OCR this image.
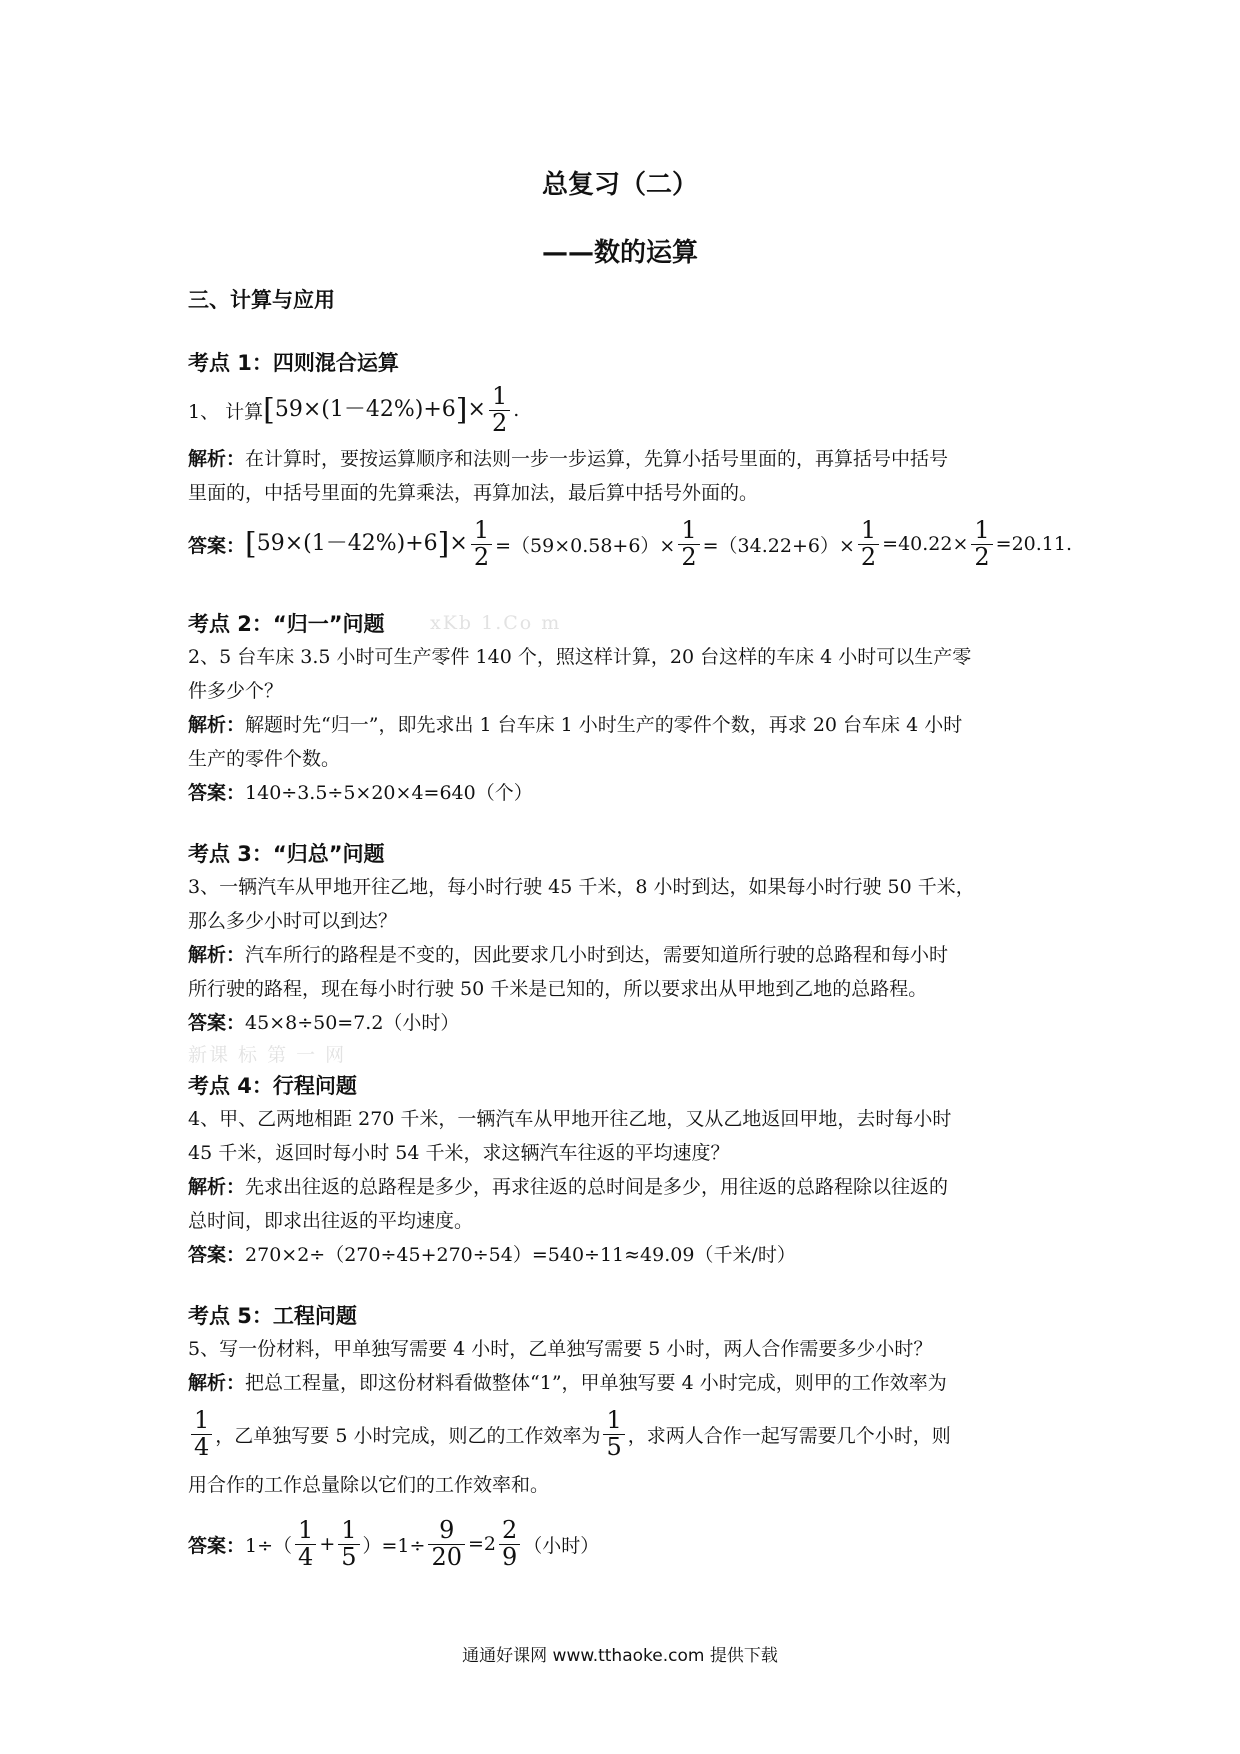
总复习（二）
——数的运算
三、计算与应用
考点 1：四则混合运算
1、 计算 $[59\times(1-42\%)+6]\times \frac{1}{2}$ .
解析：在计算时，要按运算顺序和法则一步一步运算，先算小括号里面的，再算括号中括号
里面的，中括号里面的先算乘法，再算加法，最后算中括号外面的。
答案： $[59\times(1-42\%)+6]\times \frac{1}{2} =(59\times 0.58+6)\times \frac{1}{2} =(34.22+6)\times \frac{1}{2} =40.22\times \frac{1}{2} =20.11$.
考点 2：“归一”问题 xKb 1.Co m
2、5 台车床 3.5 小时可生产零件 140 个，照这样计算，20 台这样的车床 4 小时可以生产零
件多少个？
解析：解题时先“归一”，即先求出 1 台车床 1 小时生产的零件个数，再求 20 台车床 4 小时
生产的零件个数。
答案：140÷3.5÷5×20×4=640（个）
考点 3：“归总”问题
3、一辆汽车从甲地开往乙地，每小时行驶 45 千米，8 小时到达，如果每小时行驶 50 千米，
那么多少小时可以到达？
解析：汽车所行的路程是不变的，因此要求几小时到达，需要知道所行驶的总路程和每小时
所行驶的路程，现在每小时行驶 50 千米是已知的，所以要求出从甲地到乙地的总路程。
答案：45×8÷50=7.2（小时）
新课 标 第 一 网
考点 4：行程问题
4、甲、乙两地相距 270 千米，一辆汽车从甲地开往乙地，又从乙地返回甲地，去时每小时
45 千米，返回时每小时 54 千米，求这辆汽车往返的平均速度？
解析：先求出往返的总路程是多少，再求往返的总时间是多少，用往返的总路程除以往返的
总时间，即求出往返的平均速度。
答案：270×2÷（270÷45+270÷54）=540÷11≈49.09（千米/时）
考点 5：工程问题
5、写一份材料，甲单独写需要 4 小时，乙单独写需要 5 小时，两人合作需要多少小时？
解析：把总工程量，即这份材料看做整体“1”，甲单独写要 4 小时完成，则甲的工作效率为
$\frac{1}{4}$ ，乙单独写要 5 小时完成，则乙的工作效率为 $\frac{1}{5}$ ，求两人合作一起写需要几个小时，则
用合作的工作总量除以它们的工作效率和。
答案： $1\div( \frac{1}{4} + \frac{1}{5} )=1\div \frac{9}{20} =2 \frac{2}{9}$ （小时）
通通好课网 www.tthaoke.com 提供下载
